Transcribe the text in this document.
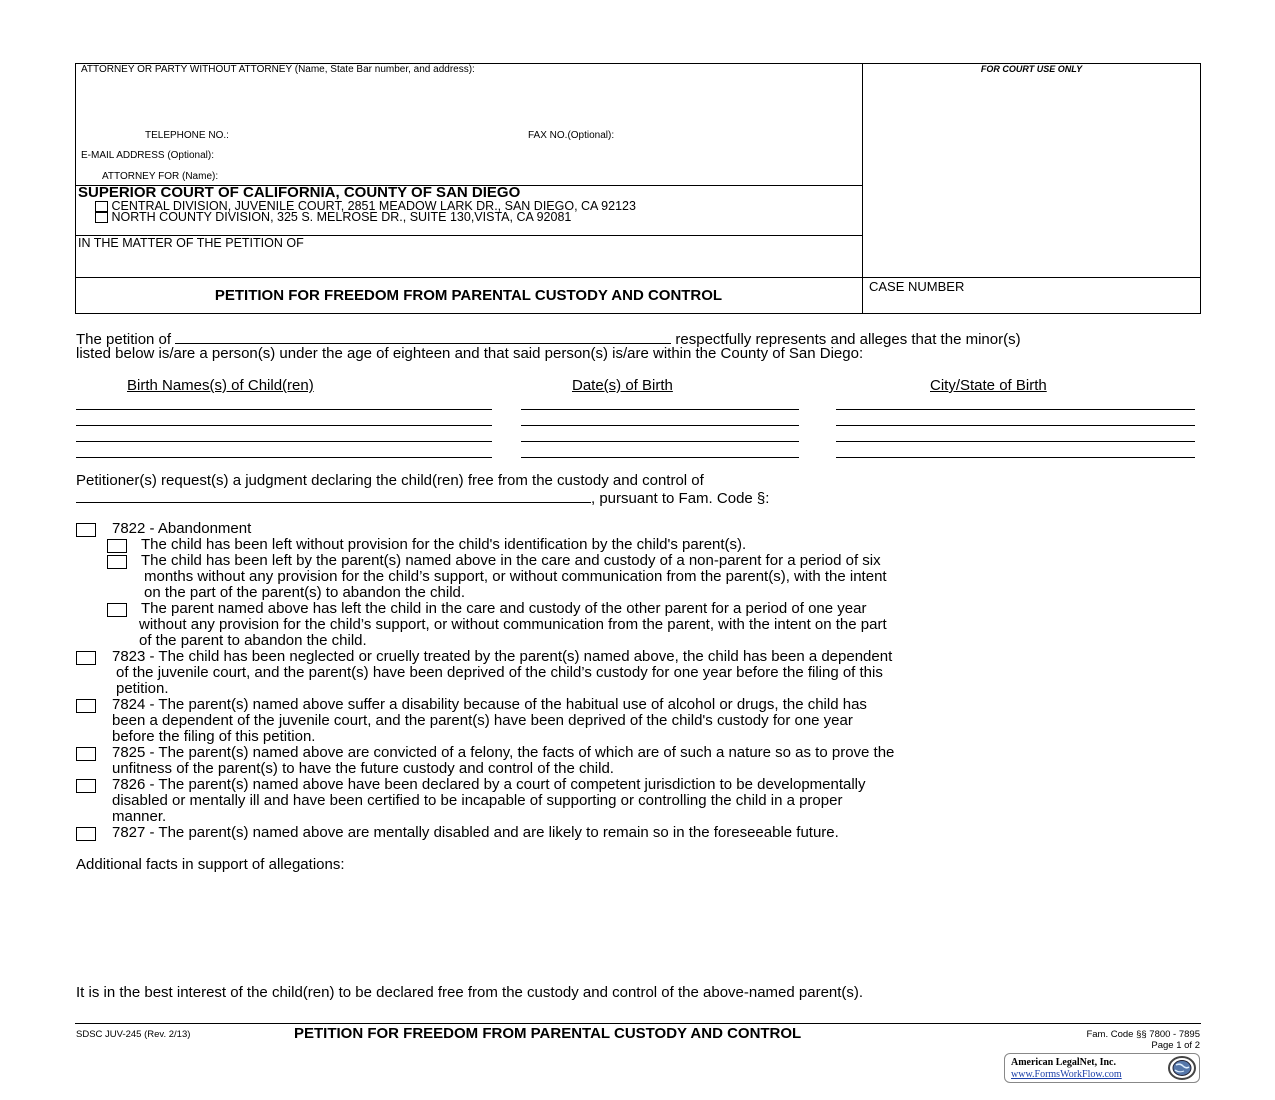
ATTORNEY OR PARTY WITHOUT ATTORNEY (Name, State Bar number, and address):
TELEPHONE NO.:	FAX NO.(Optional):
E-MAIL ADDRESS (Optional):
ATTORNEY FOR (Name):
FOR COURT USE ONLY
SUPERIOR COURT OF CALIFORNIA, COUNTY OF SAN DIEGO
CENTRAL DIVISION, JUVENILE COURT, 2851 MEADOW LARK DR., SAN DIEGO, CA 92123
NORTH COUNTY DIVISION, 325 S. MELROSE DR., SUITE 130,VISTA, CA 92081
IN THE MATTER OF THE PETITION OF
PETITION FOR FREEDOM FROM PARENTAL CUSTODY AND CONTROL
CASE NUMBER
The petition of	respectfully represents and alleges that the minor(s)
listed below is/are a person(s) under the age of eighteen and that said person(s) is/are within the County of San Diego:
Birth Names(s) of Child(ren)	Date(s) of Birth	City/State of Birth
Petitioner(s) request(s) a judgment declaring the child(ren) free from the custody and control of
, pursuant to Fam. Code §:
7822 - Abandonment
The child has been left without provision for the child's identification by the child's parent(s).
The child has been left by the parent(s) named above in the care and custody of a non-parent for a period of six
months without any provision for the child’s support, or without communication from the parent(s), with the intent
on the part of the parent(s) to abandon the child.
The parent named above has left the child in the care and custody of the other parent for a period of one year
without any provision for the child’s support, or without communication from the parent, with the intent on the part
of the parent to abandon the child.
7823 - The child has been neglected or cruelly treated by the parent(s) named above, the child has been a dependent
of the juvenile court, and the parent(s) have been deprived of the child’s custody for one year before the filing of this
petition.
7824 - The parent(s) named above suffer a disability because of the habitual use of alcohol or drugs, the child has
been a dependent of the juvenile court, and the parent(s) have been deprived of the child's custody for one year
before the filing of this petition.
7825 - The parent(s) named above are convicted of a felony, the facts of which are of such a nature so as to prove the
unfitness of the parent(s) to have the future custody and control of the child.
7826 - The parent(s) named above have been declared by a court of competent jurisdiction to be developmentally
disabled or mentally ill and have been certified to be incapable of supporting or controlling the child in a proper
manner.
7827 - The parent(s) named above are mentally disabled and are likely to remain so in the foreseeable future.
Additional facts in support of allegations:
It is in the best interest of the child(ren) to be declared free from the custody and control of the above-named parent(s).
SDSC JUV-245 (Rev. 2/13)	PETITION FOR FREEDOM FROM PARENTAL CUSTODY AND CONTROL	Fam. Code §§ 7800 - 7895
Page 1 of 2
American LegalNet, Inc.
www.FormsWorkFlow.com
